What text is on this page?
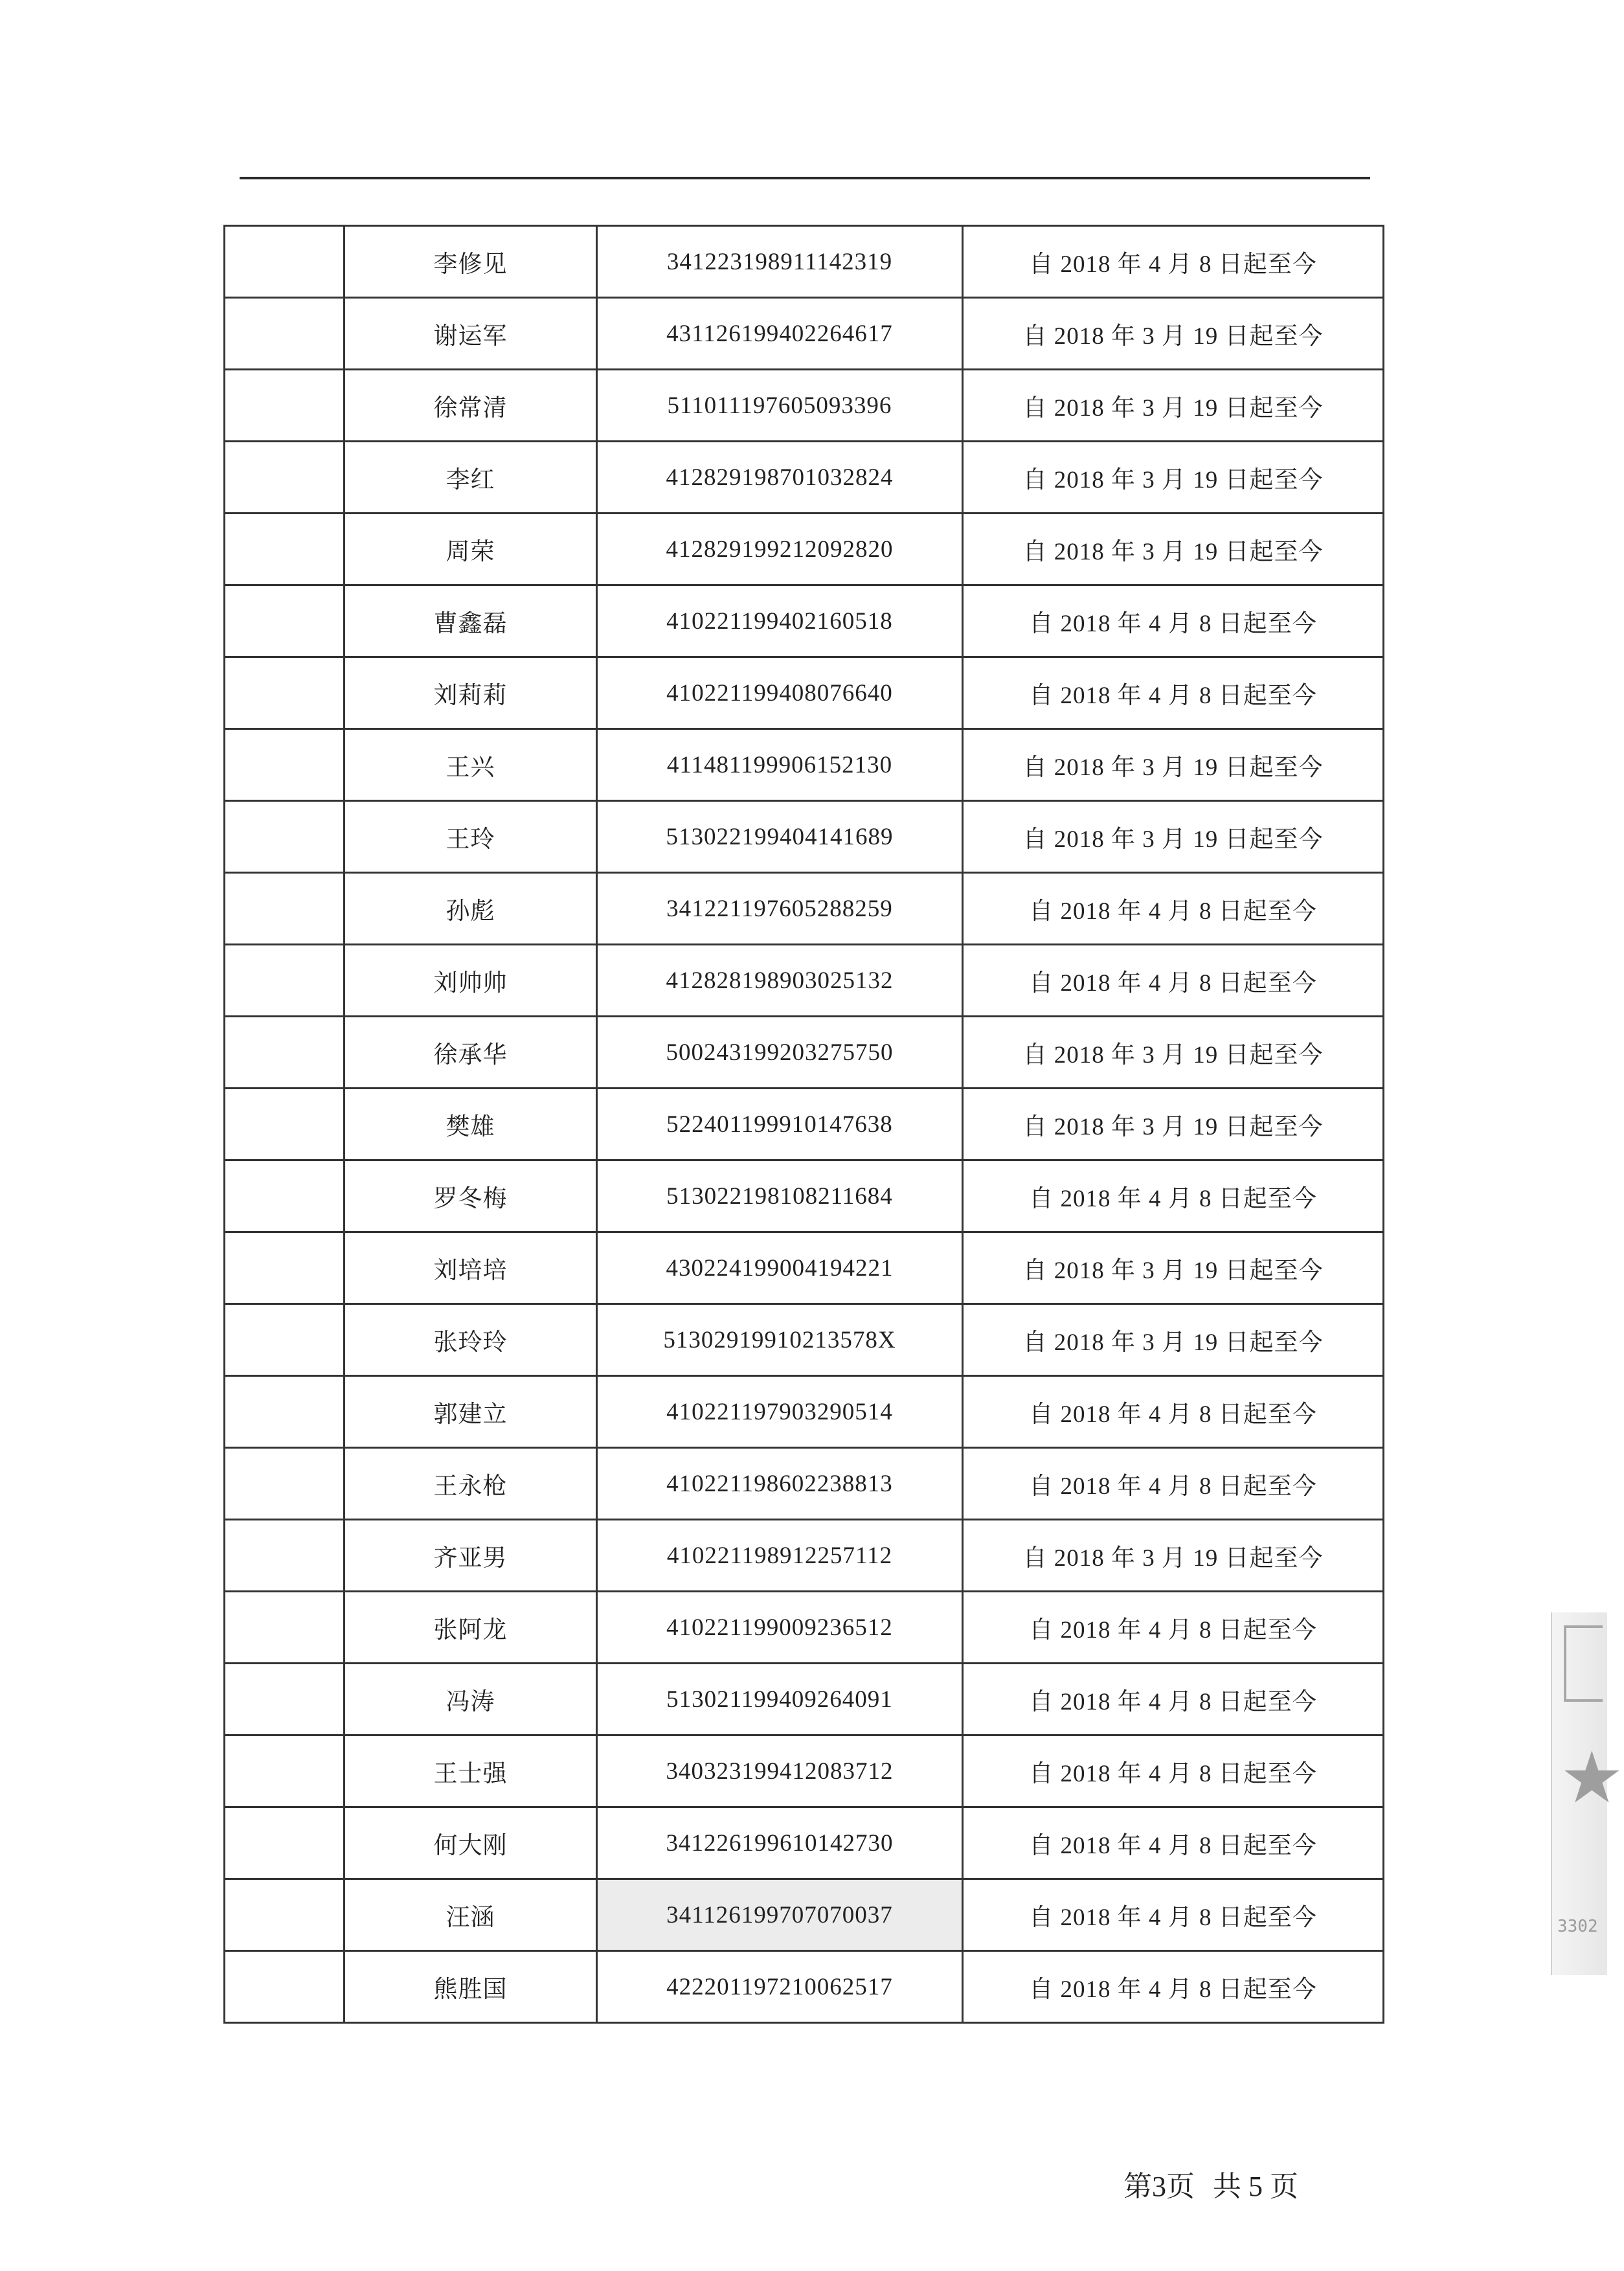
	李修见	341223198911142319	自 2018 年 4 月 8 日起至今
	谢运军	431126199402264617	自 2018 年 3 月 19 日起至今
	徐常清	511011197605093396	自 2018 年 3 月 19 日起至今
	李红	412829198701032824	自 2018 年 3 月 19 日起至今
	周荣	412829199212092820	自 2018 年 3 月 19 日起至今
	曹鑫磊	410221199402160518	自 2018 年 4 月 8 日起至今
	刘莉莉	410221199408076640	自 2018 年 4 月 8 日起至今
	王兴	411481199906152130	自 2018 年 3 月 19 日起至今
	王玲	513022199404141689	自 2018 年 3 月 19 日起至今
	孙彪	341221197605288259	自 2018 年 4 月 8 日起至今
	刘帅帅	412828198903025132	自 2018 年 4 月 8 日起至今
	徐承华	500243199203275750	自 2018 年 3 月 19 日起至今
	樊雄	522401199910147638	自 2018 年 3 月 19 日起至今
	罗冬梅	513022198108211684	自 2018 年 4 月 8 日起至今
	刘培培	430224199004194221	自 2018 年 3 月 19 日起至今
	张玲玲	51302919910213578X	自 2018 年 3 月 19 日起至今
	郭建立	410221197903290514	自 2018 年 4 月 8 日起至今
	王永枪	410221198602238813	自 2018 年 4 月 8 日起至今
	齐亚男	410221198912257112	自 2018 年 3 月 19 日起至今
	张阿龙	410221199009236512	自 2018 年 4 月 8 日起至今
	冯涛	513021199409264091	自 2018 年 4 月 8 日起至今
	王士强	340323199412083712	自 2018 年 4 月 8 日起至今
	何大刚	341226199610142730	自 2018 年 4 月 8 日起至今
	汪涵	341126199707070037	自 2018 年 4 月 8 日起至今
	熊胜国	422201197210062517	自 2018 年 4 月 8 日起至今
第3页 共 5 页
★
3302
